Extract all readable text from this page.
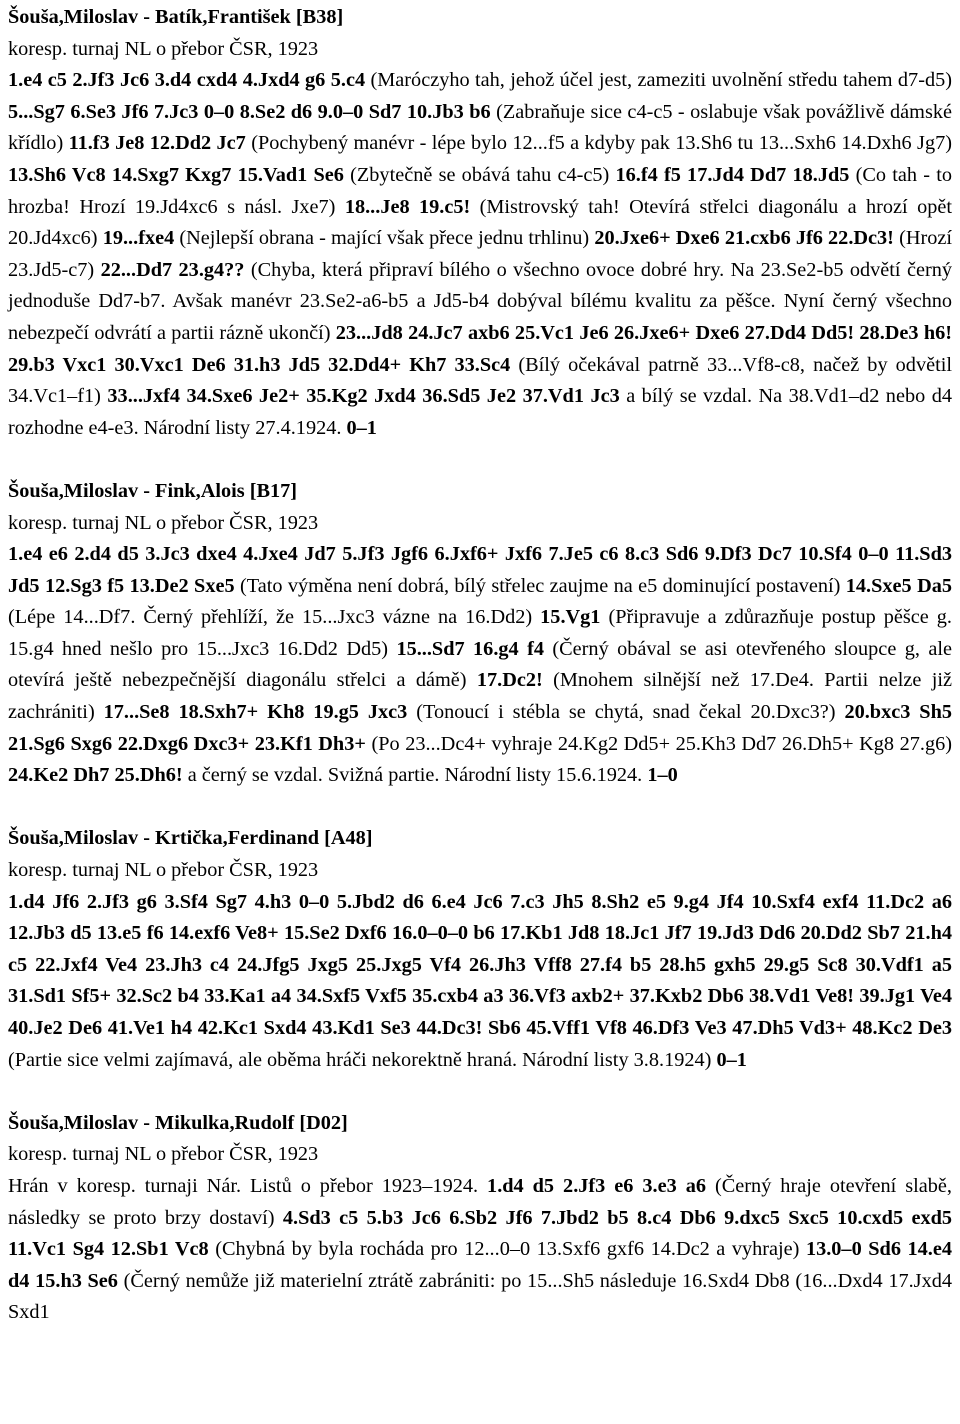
Šouša,Miloslav - Batík,František [B38]
koresp. turnaj NL o přebor ČSR, 1923
1.e4 c5 2.Jf3 Jc6 3.d4 cxd4 4.Jxd4 g6 5.c4 (Maróczyho tah, jehož účel jest, zameziti uvolnění středu tahem d7-d5) 5...Sg7 6.Se3 Jf6 7.Jc3 0–0 8.Se2 d6 9.0–0 Sd7 10.Jb3 b6 (Zabraňuje sice c4-c5 - oslabuje však povážlivě dámské křídlo) 11.f3 Je8 12.Dd2 Jc7 (Pochybený manévr - lépe bylo 12...f5 a kdyby pak 13.Sh6 tu 13...Sxh6 14.Dxh6 Jg7) 13.Sh6 Vc8 14.Sxg7 Kxg7 15.Vad1 Se6 (Zbytečně se obává tahu c4-c5) 16.f4 f5 17.Jd4 Dd7 18.Jd5 (Co tah - to hrozba! Hrozí 19.Jd4xc6 s násl. Jxe7) 18...Je8 19.c5! (Mistrovský tah! Otevírá střelci diagonálu a hrozí opět 20.Jd4xc6) 19...fxe4 (Nejlepší obrana - mající však přece jednu trhlinu) 20.Jxe6+ Dxe6 21.cxb6 Jf6 22.Dc3! (Hrozí 23.Jd5-c7) 22...Dd7 23.g4?? (Chyba, která připraví bílého o všechno ovoce dobré hry. Na 23.Se2-b5 odvětí černý jednoduše Dd7-b7. Avšak manévr 23.Se2-a6-b5 a Jd5-b4 dobýval bílému kvalitu za pěšce. Nyní černý všechno nebezpečí odvrátí a partii rázně ukončí) 23...Jd8 24.Jc7 axb6 25.Vc1 Je6 26.Jxe6+ Dxe6 27.Dd4 Dd5! 28.De3 h6! 29.b3 Vxc1 30.Vxc1 De6 31.h3 Jd5 32.Dd4+ Kh7 33.Sc4 (Bílý očekával patrně 33...Vf8-c8, načež by odvětil 34.Vc1–f1) 33...Jxf4 34.Sxe6 Je2+ 35.Kg2 Jxd4 36.Sd5 Je2 37.Vd1 Jc3 a bílý se vzdal. Na 38.Vd1–d2 nebo d4 rozhodne e4-e3. Národní listy 27.4.1924. 0–1
Šouša,Miloslav - Fink,Alois [B17]
koresp. turnaj NL o přebor ČSR, 1923
1.e4 e6 2.d4 d5 3.Jc3 dxe4 4.Jxe4 Jd7 5.Jf3 Jgf6 6.Jxf6+ Jxf6 7.Je5 c6 8.c3 Sd6 9.Df3 Dc7 10.Sf4 0–0 11.Sd3 Jd5 12.Sg3 f5 13.De2 Sxe5 (Tato výměna není dobrá, bílý střelec zaujme na e5 dominující postavení) 14.Sxe5 Da5 (Lépe 14...Df7. Černý přehlíží, že 15...Jxc3 vázne na 16.Dd2) 15.Vg1 (Připravuje a zdůrazňuje postup pěšce g. 15.g4 hned nešlo pro 15...Jxc3 16.Dd2 Dd5) 15...Sd7 16.g4 f4 (Černý obával se asi otevřeného sloupce g, ale otevírá ještě nebezpečnější diagonálu střelci a dámě) 17.Dc2! (Mnohem silnější než 17.De4. Partii nelze již zachrániti) 17...Se8 18.Sxh7+ Kh8 19.g5 Jxc3 (Tonoucí i stébla se chytá, snad čekal 20.Dxc3?) 20.bxc3 Sh5 21.Sg6 Sxg6 22.Dxg6 Dxc3+ 23.Kf1 Dh3+ (Po 23...Dc4+ vyhraje 24.Kg2 Dd5+ 25.Kh3 Dd7 26.Dh5+ Kg8 27.g6) 24.Ke2 Dh7 25.Dh6! a černý se vzdal. Svižná partie. Národní listy 15.6.1924. 1–0
Šouša,Miloslav - Krtička,Ferdinand [A48]
koresp. turnaj NL o přebor ČSR, 1923
1.d4 Jf6 2.Jf3 g6 3.Sf4 Sg7 4.h3 0–0 5.Jbd2 d6 6.e4 Jc6 7.c3 Jh5 8.Sh2 e5 9.g4 Jf4 10.Sxf4 exf4 11.Dc2 a6 12.Jb3 d5 13.e5 f6 14.exf6 Ve8+ 15.Se2 Dxf6 16.0–0–0 b6 17.Kb1 Jd8 18.Jc1 Jf7 19.Jd3 Dd6 20.Dd2 Sb7 21.h4 c5 22.Jxf4 Ve4 23.Jh3 c4 24.Jfg5 Jxg5 25.Jxg5 Vf4 26.Jh3 Vff8 27.f4 b5 28.h5 gxh5 29.g5 Sc8 30.Vdf1 a5 31.Sd1 Sf5+ 32.Sc2 b4 33.Ka1 a4 34.Sxf5 Vxf5 35.cxb4 a3 36.Vf3 axb2+ 37.Kxb2 Db6 38.Vd1 Ve8! 39.Jg1 Ve4 40.Je2 De6 41.Ve1 h4 42.Kc1 Sxd4 43.Kd1 Se3 44.Dc3! Sb6 45.Vff1 Vf8 46.Df3 Ve3 47.Dh5 Vd3+ 48.Kc2 De3 (Partie sice velmi zajímavá, ale oběma hráči nekorektně hraná. Národní listy 3.8.1924) 0–1
Šouša,Miloslav - Mikulka,Rudolf [D02]
koresp. turnaj NL o přebor ČSR, 1923
Hrán v koresp. turnaji Nár. Listů o přebor 1923–1924. 1.d4 d5 2.Jf3 e6 3.e3 a6 (Černý hraje otevření slabě, následky se proto brzy dostaví) 4.Sd3 c5 5.b3 Jc6 6.Sb2 Jf6 7.Jbd2 b5 8.c4 Db6 9.dxc5 Sxc5 10.cxd5 exd5 11.Vc1 Sg4 12.Sb1 Vc8 (Chybná by byla rocháda pro 12...0–0 13.Sxf6 gxf6 14.Dc2 a vyhraje) 13.0–0 Sd6 14.e4 d4 15.h3 Se6 (Černý nemůže již materielní ztrátě zabrániti: po 15...Sh5 následuje 16.Sxd4 Db8 (16...Dxd4 17.Jxd4 Sxd1
